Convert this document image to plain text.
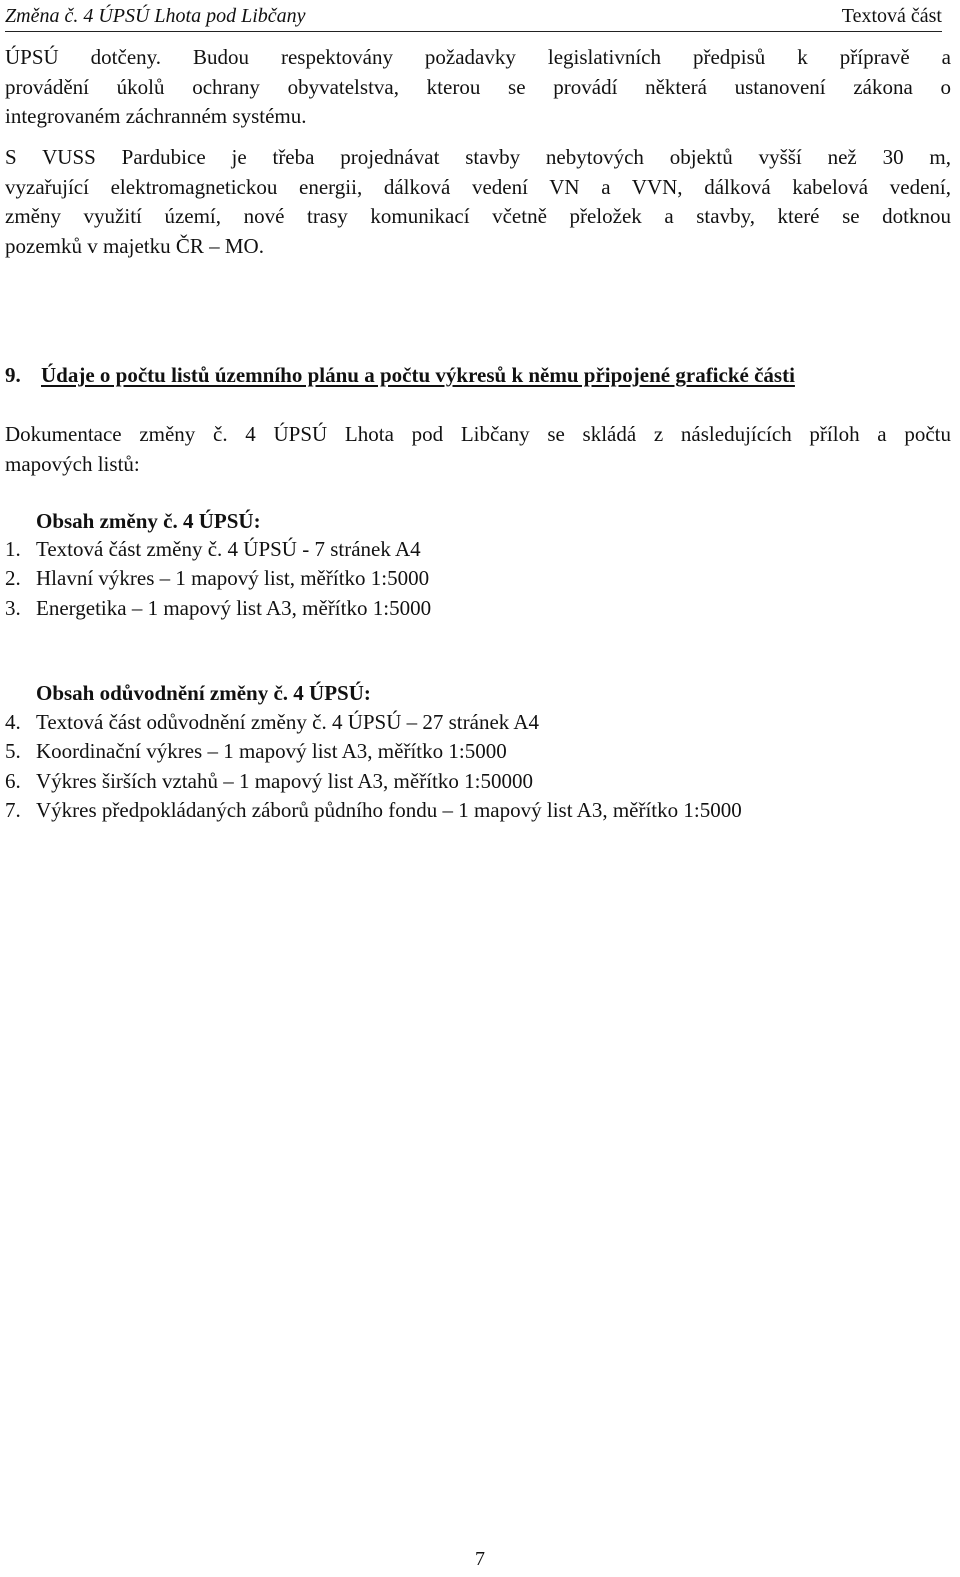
Změna č. 4 ÚPSÚ Lhota pod Libčany	Textová část
ÚPSÚ dotčeny. Budou respektovány požadavky legislativních předpisů k přípravě a
provádění úkolů ochrany obyvatelstva, kterou se provádí některá ustanovení zákona o
integrovaném záchranném systému.
S VUSS Pardubice je třeba projednávat stavby nebytových objektů vyšší než 30 m,
vyzařující elektromagnetickou energii, dálková vedení VN a VVN, dálková kabelová vedení,
změny využití území, nové trasy komunikací včetně přeložek a stavby, které se dotknou
pozemků v majetku ČR – MO.
9. Údaje o počtu listů územního plánu a počtu výkresů k němu připojené grafické části
Dokumentace změny č. 4 ÚPSÚ Lhota pod Libčany se skládá z následujících příloh a počtu
mapových listů:
Obsah změny č. 4 ÚPSÚ:
1. Textová část změny č. 4 ÚPSÚ - 7 stránek A4
2. Hlavní výkres – 1 mapový list, měřítko 1:5000
3. Energetika – 1 mapový list A3, měřítko 1:5000
Obsah odůvodnění změny č. 4 ÚPSÚ:
4. Textová část odůvodnění změny č. 4 ÚPSÚ – 27 stránek A4
5. Koordinační výkres – 1 mapový list A3, měřítko 1:5000
6. Výkres širších vztahů – 1 mapový list A3, měřítko 1:50000
7. Výkres předpokládaných záborů půdního fondu – 1 mapový list A3, měřítko 1:5000
7
